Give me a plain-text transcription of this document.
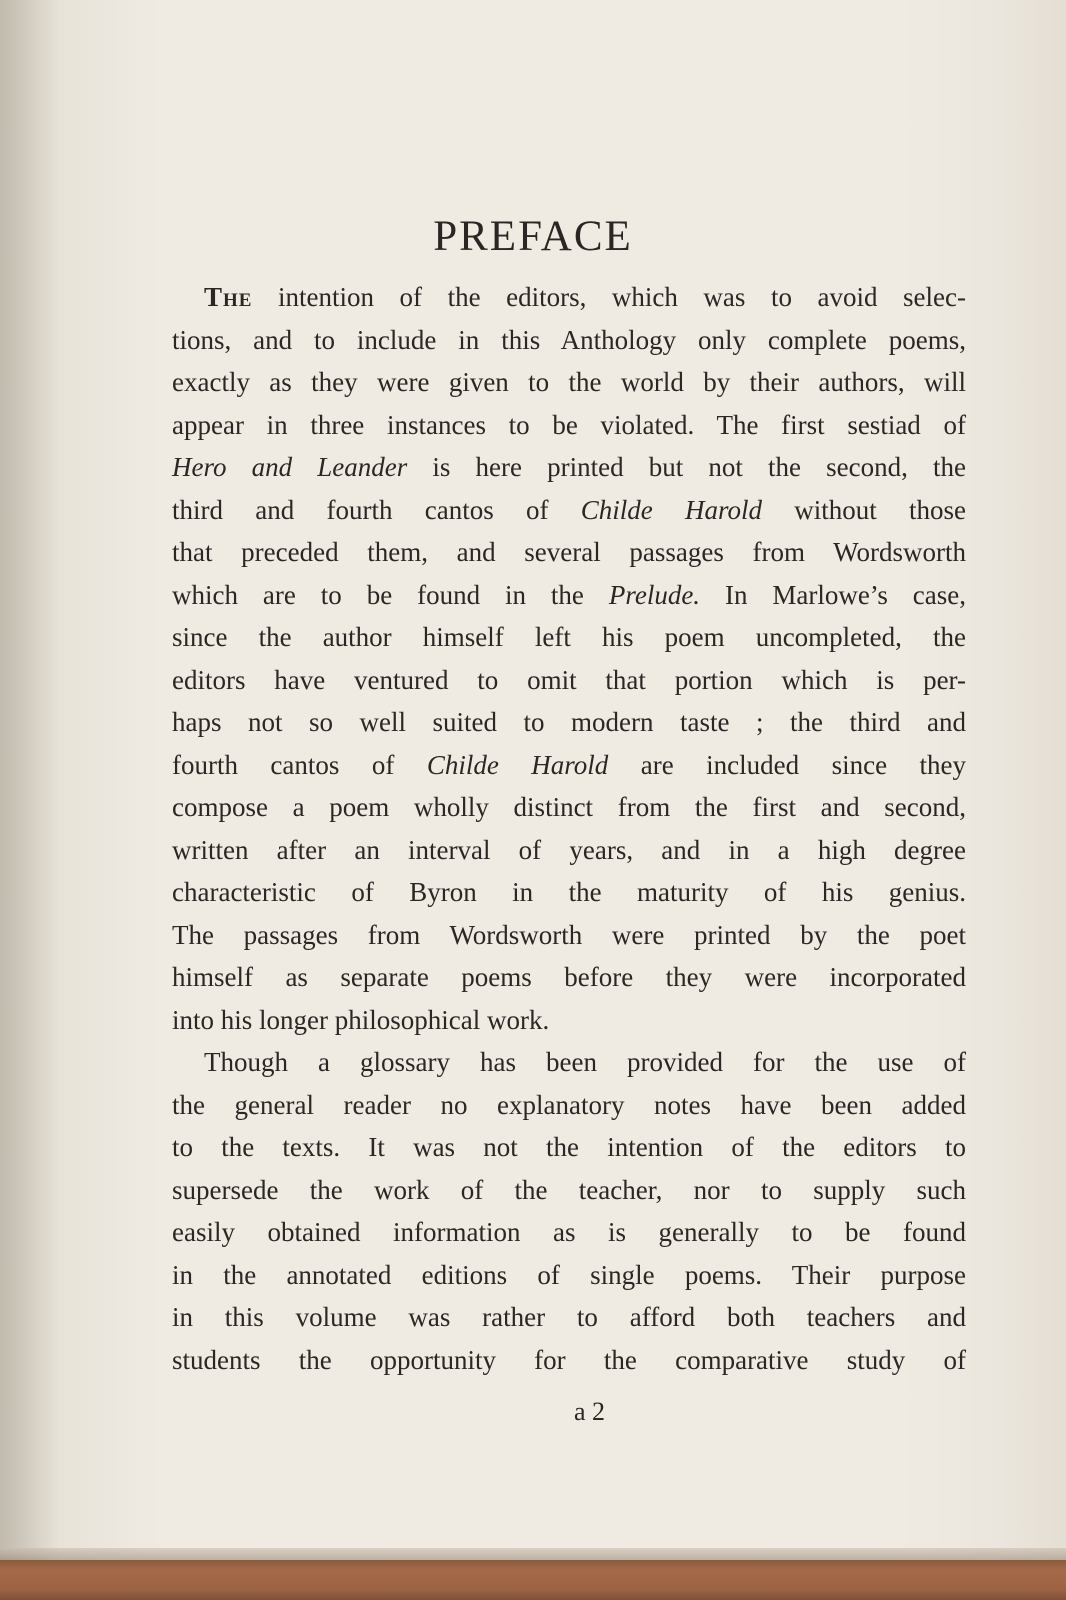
PREFACE
The intention of the editors, which was to avoid selec-
tions, and to include in this Anthology only complete poems,
exactly as they were given to the world by their authors, will
appear in three instances to be violated. The first sestiad of
Hero and Leander is here printed but not the second, the
third and fourth cantos of Childe Harold without those
that preceded them, and several passages from Wordsworth
which are to be found in the Prelude. In Marlowe’s case,
since the author himself left his poem uncompleted, the
editors have ventured to omit that portion which is per-
haps not so well suited to modern taste ; the third and
fourth cantos of Childe Harold are included since they
compose a poem wholly distinct from the first and second,
written after an interval of years, and in a high degree
characteristic of Byron in the maturity of his genius.
The passages from Wordsworth were printed by the poet
himself as separate poems before they were incorporated
into his longer philosophical work.
Though a glossary has been provided for the use of
the general reader no explanatory notes have been added
to the texts. It was not the intention of the editors to
supersede the work of the teacher, nor to supply such
easily obtained information as is generally to be found
in the annotated editions of single poems. Their purpose
in this volume was rather to afford both teachers and
students the opportunity for the comparative study of
a 2
